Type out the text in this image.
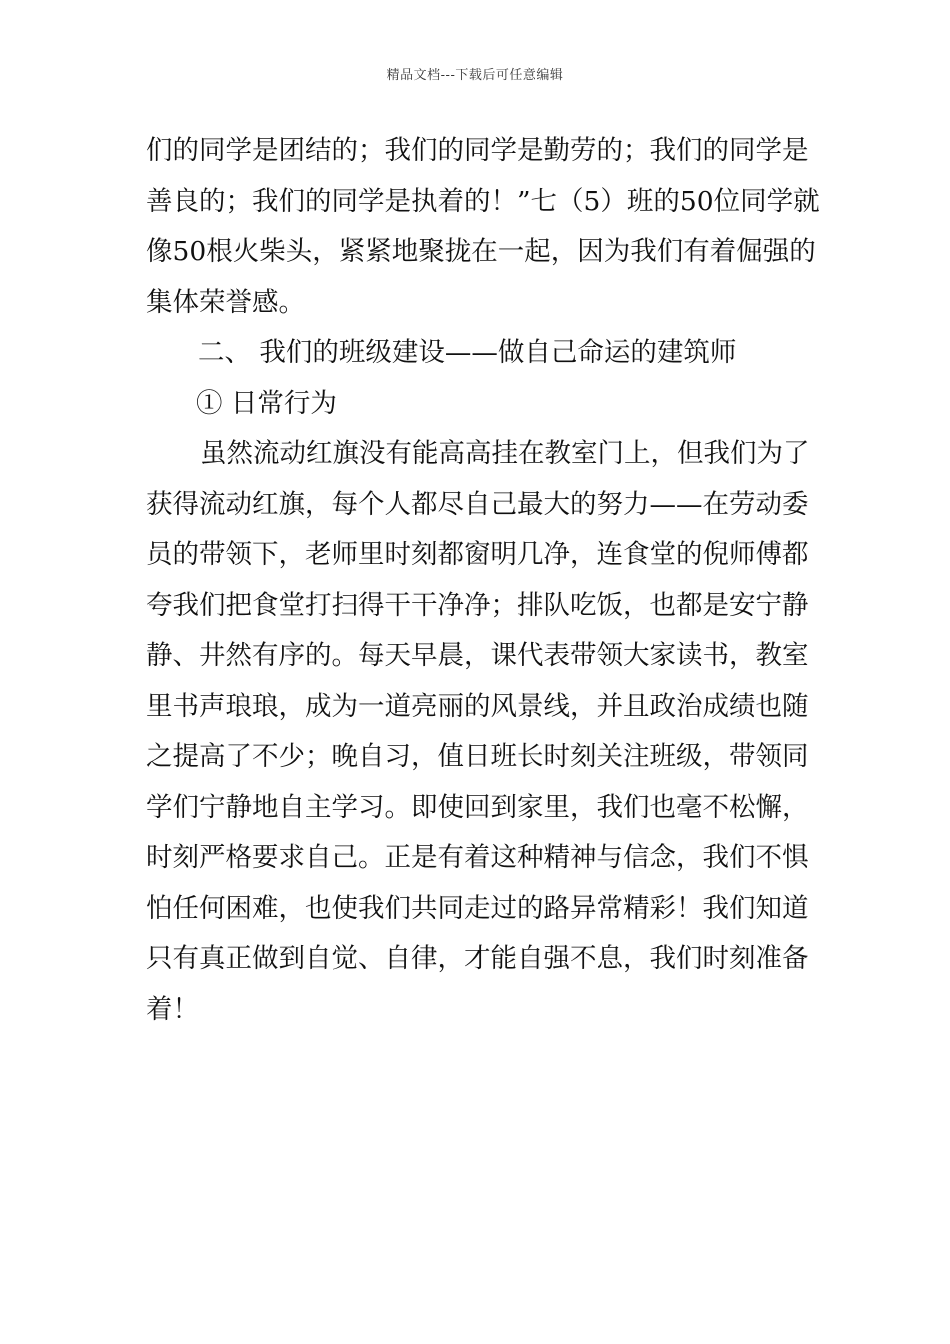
精品文档---下载后可任意编辑
们的同学是团结的；我们的同学是勤劳的；我们的同学是
善良的；我们的同学是执着的！”七（5）班的50位同学就
像50根火柴头，紧紧地聚拢在一起，因为我们有着倔强的
集体荣誉感。
二、 我们的班级建设——做自己命运的建筑师
① 日常行为
虽然流动红旗没有能高高挂在教室门上，但我们为了
获得流动红旗，每个人都尽自己最大的努力——在劳动委
员的带领下，老师里时刻都窗明几净，连食堂的倪师傅都
夸我们把食堂打扫得干干净净；排队吃饭，也都是安宁静
静、井然有序的。每天早晨，课代表带领大家读书，教室
里书声琅琅，成为一道亮丽的风景线，并且政治成绩也随
之提高了不少；晚自习，值日班长时刻关注班级，带领同
学们宁静地自主学习。即使回到家里，我们也毫不松懈，
时刻严格要求自己。正是有着这种精神与信念，我们不惧
怕任何困难，也使我们共同走过的路异常精彩！我们知道
只有真正做到自觉、自律，才能自强不息，我们时刻准备
着！
